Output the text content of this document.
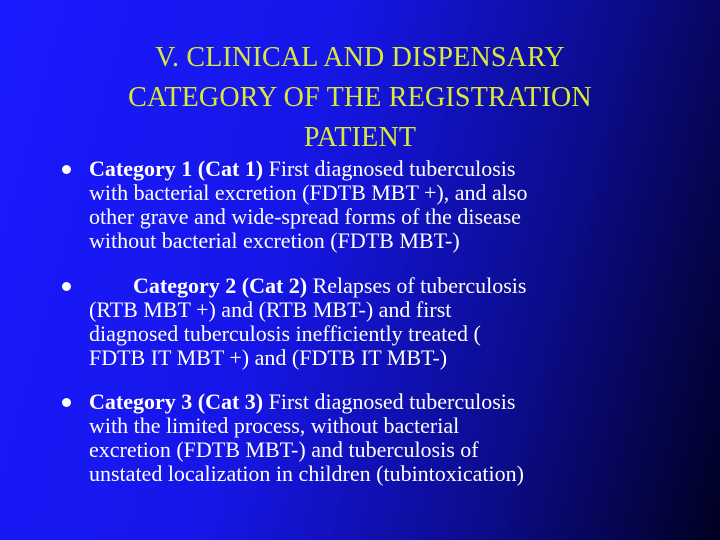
V. CLINICAL AND DISPENSARY
CATEGORY OF THE REGISTRATION
PATIENT
Category 1 (Cat 1) First diagnosed tuberculosis
with bacterial excretion (FDTB MBT +), and also
other grave and wide-spread forms of the disease
without bacterial excretion (FDTB MBT-)
Category 2 (Cat 2) Relapses of tuberculosis
(RTB MBT +) and (RTB MBT-) and first
diagnosed tuberculosis inefficiently treated (
FDTB IT MBT +) and (FDTB IT MBT-)
Category 3 (Cat 3) First diagnosed tuberculosis
with the limited process, without bacterial
excretion (FDTB MBT-) and tuberculosis of
unstated localization in children (tubintoxication)
